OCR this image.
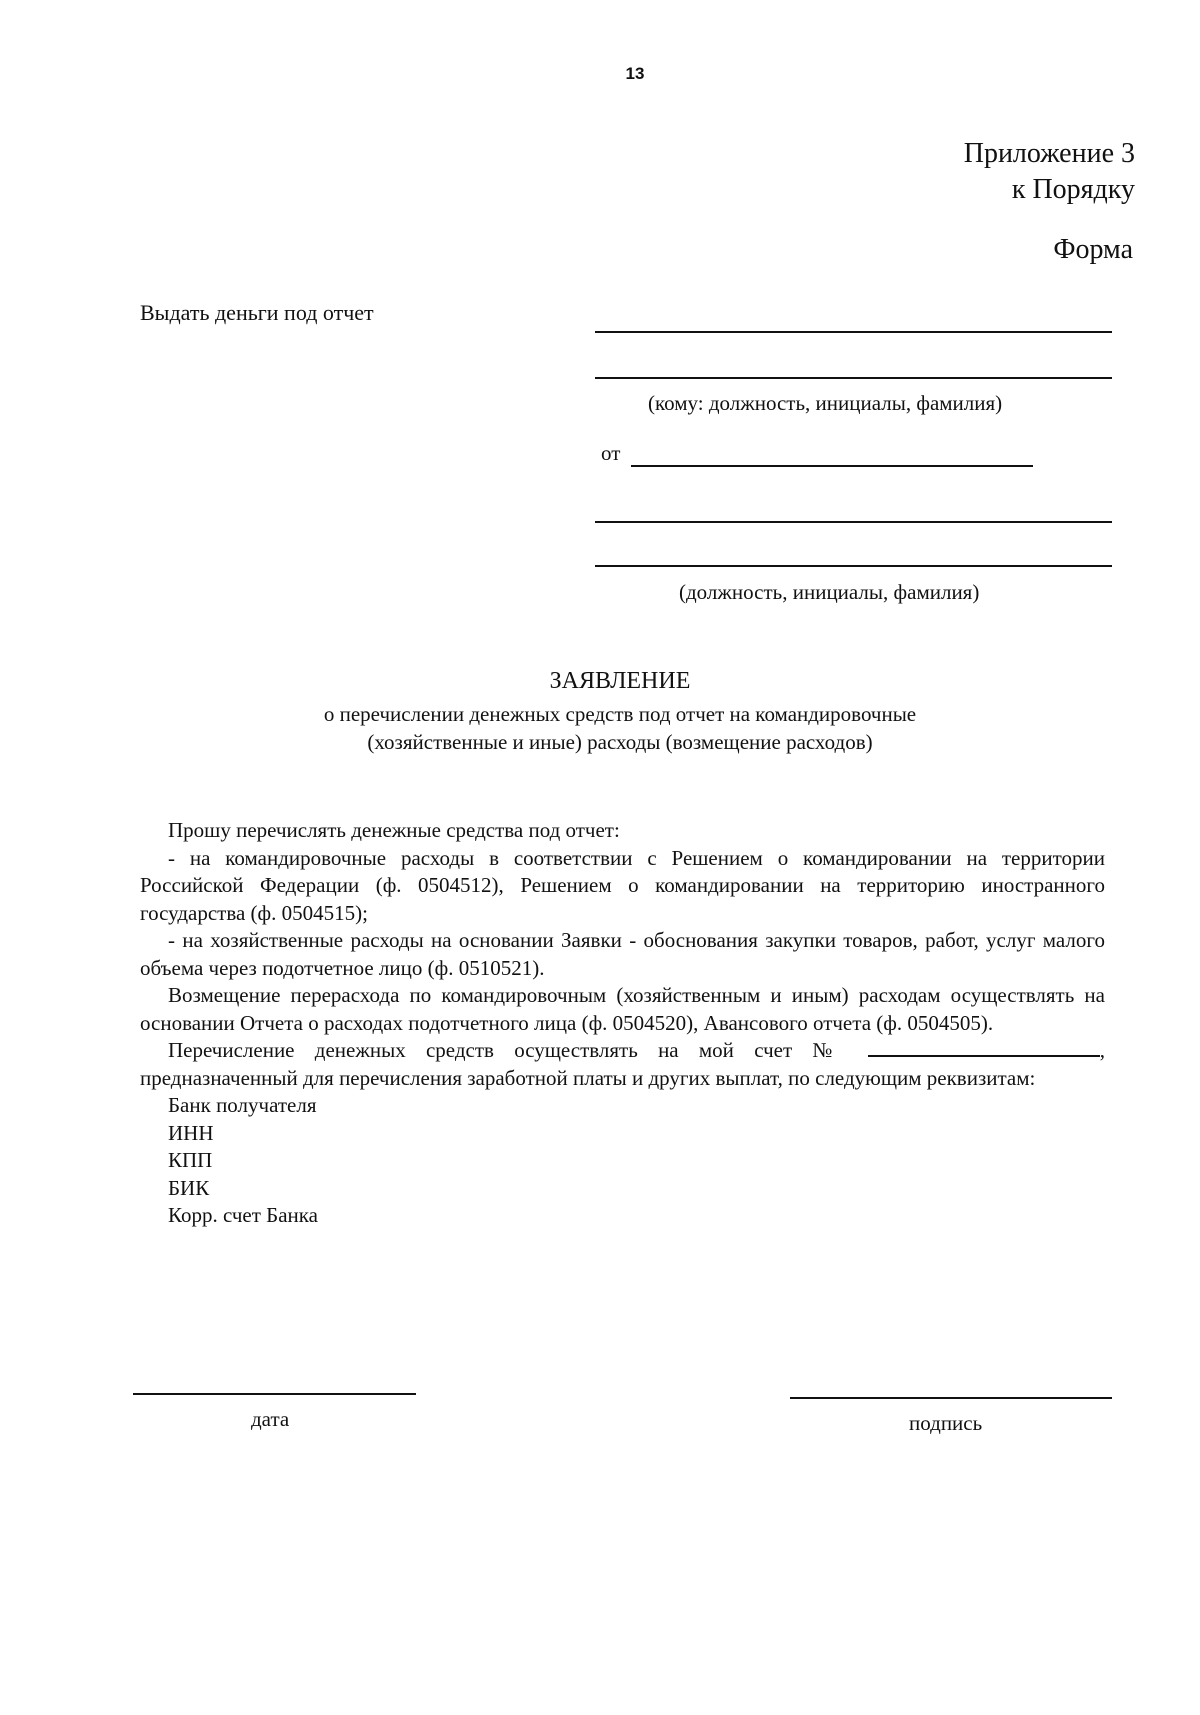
13
Приложение 3
к Порядку
Форма
Выдать деньги под отчет
(кому: должность, инициалы, фамилия)
от
(должность, инициалы, фамилия)
ЗАЯВЛЕНИЕ
о перечислении денежных средств под отчет на командировочные
(хозяйственные и иные) расходы (возмещение расходов)

Прошу перечислять денежные средства под отчет:

- на командировочные расходы в соответствии с Решением о командировании на территории Российской Федерации (ф. 0504512), Решением о командировании на территорию иностранного государства (ф. 0504515);

- на хозяйственные расходы на основании Заявки - обоснования закупки товаров, работ, услуг малого объема через подотчетное лицо (ф. 0510521).

Возмещение перерасхода по командировочным (хозяйственным и иным) расходам осуществлять на основании Отчета о расходах подотчетного лица (ф. 0504520), Авансового отчета (ф. 0504505).

Перечисление денежных средств осуществлять на мой счет №	, предназначенный для перечисления заработной платы и других выплат, по следующим реквизитам:

Банк получателя
ИНН
КПП
БИК
Корр. счет Банка
дата	подпись
